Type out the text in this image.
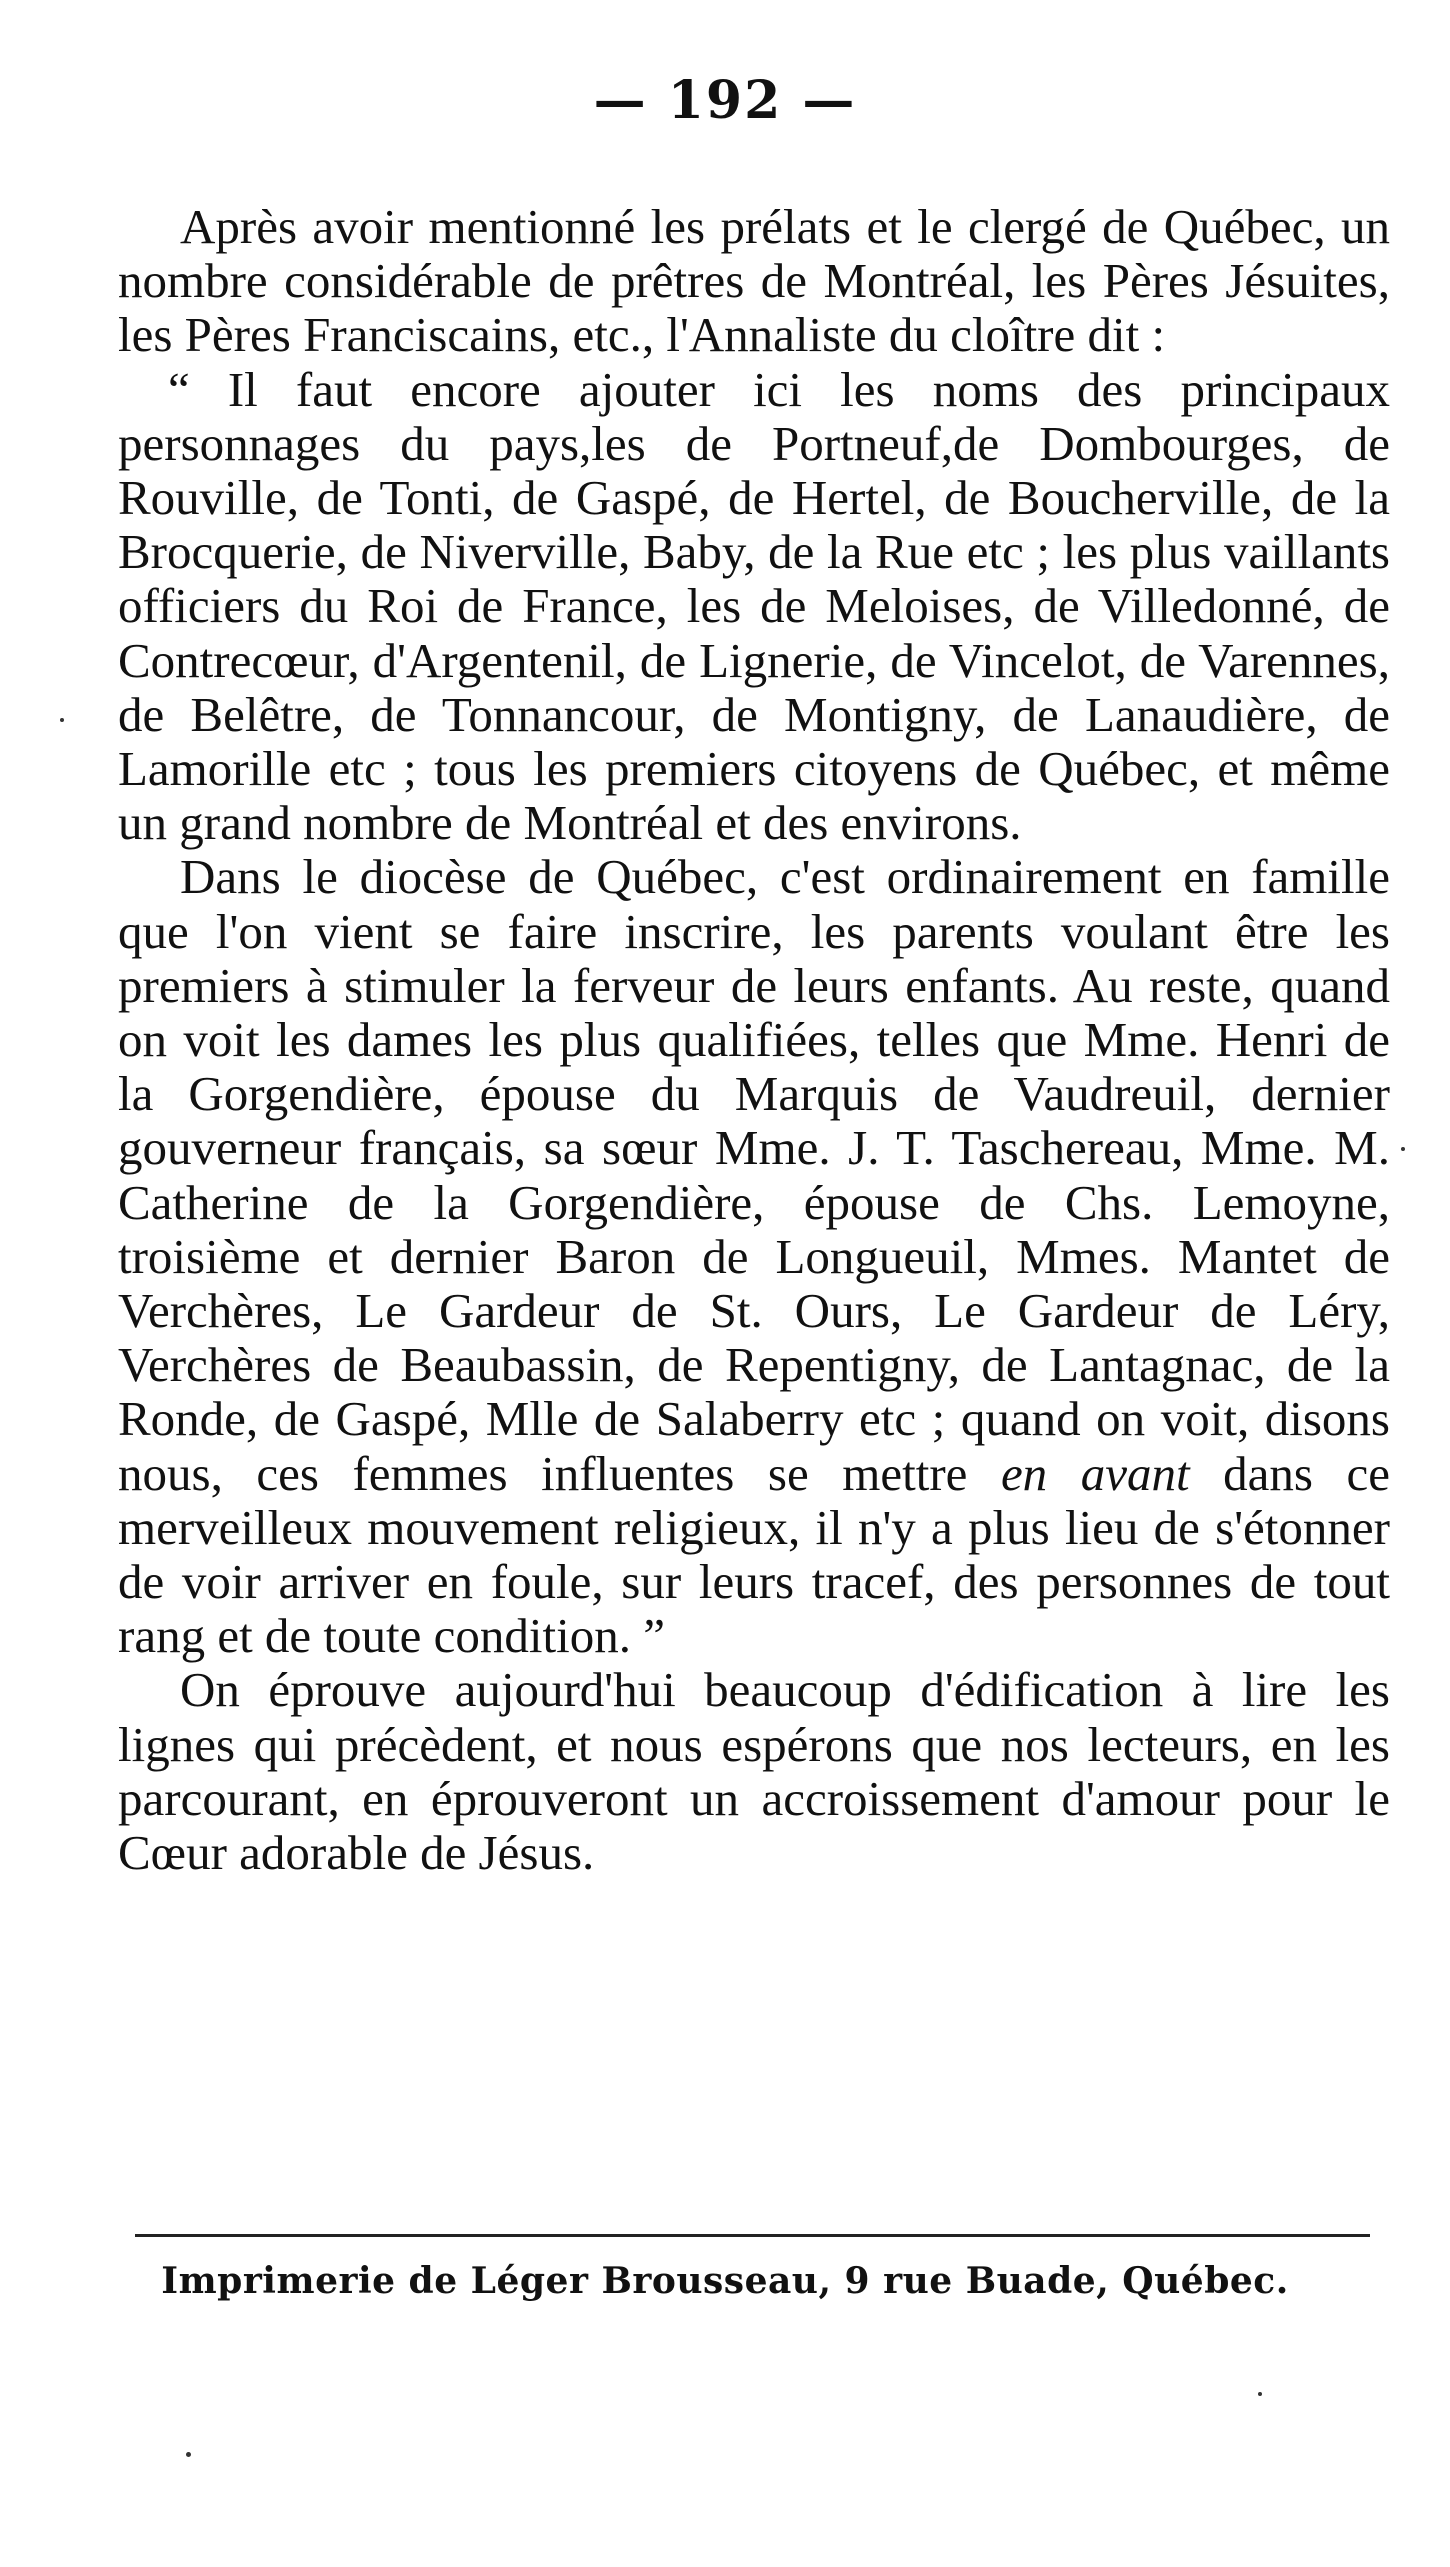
— 192 —

Après avoir mentionné les prélats et le clergé de Québec, un nombre considérable de prêtres de Montréal, les Pères Jésuites, les Pères Franciscains, etc., l'Annaliste du cloître dit :

“ Il faut encore ajouter ici les noms des principaux personnages du pays,les de Portneuf,de Dombourges, de Rouville, de Tonti, de Gaspé, de Hertel, de Boucherville, de la Brocquerie, de Niverville, Baby, de la Rue etc ; les plus vaillants officiers du Roi de France, les de Meloises, de Villedonné, de Contrecœur, d'Argentenil, de Lignerie, de Vincelot, de Varennes, de Belêtre, de Tonnancour, de Montigny, de Lanaudière, de Lamorille etc ; tous les premiers citoyens de Québec, et même un grand nombre de Montréal et des environs.

Dans le diocèse de Québec, c'est ordinairement en famille que l'on vient se faire inscrire, les parents voulant être les premiers à stimuler la ferveur de leurs enfants. Au reste, quand on voit les dames les plus qualifiées, telles que Mme. Henri de la Gorgendière, épouse du Marquis de Vaudreuil, dernier gouverneur français, sa sœur Mme. J. T. Taschereau, Mme. M. Catherine de la Gorgendière, épouse de Chs. Lemoyne, troisième et dernier Baron de Longueuil, Mmes. Mantet de Verchères, Le Gardeur de St. Ours, Le Gardeur de Léry, Verchères de Beaubassin, de Repentigny, de Lantagnac, de la Ronde, de Gaspé, Mlle de Salaberry etc ; quand on voit, disons nous, ces femmes influentes se mettre en avant dans ce merveilleux mouvement religieux, il n'y a plus lieu de s'étonner de voir arriver en foule, sur leurs tracef, des personnes de tout rang et de toute condition. ”

On éprouve aujourd'hui beaucoup d'édification à lire les lignes qui précèdent, et nous espérons que nos lecteurs, en les parcourant, en éprouveront un accroissement d'amour pour le Cœur adorable de Jésus.

Imprimerie de Léger Brousseau, 9 rue Buade, Québec.
